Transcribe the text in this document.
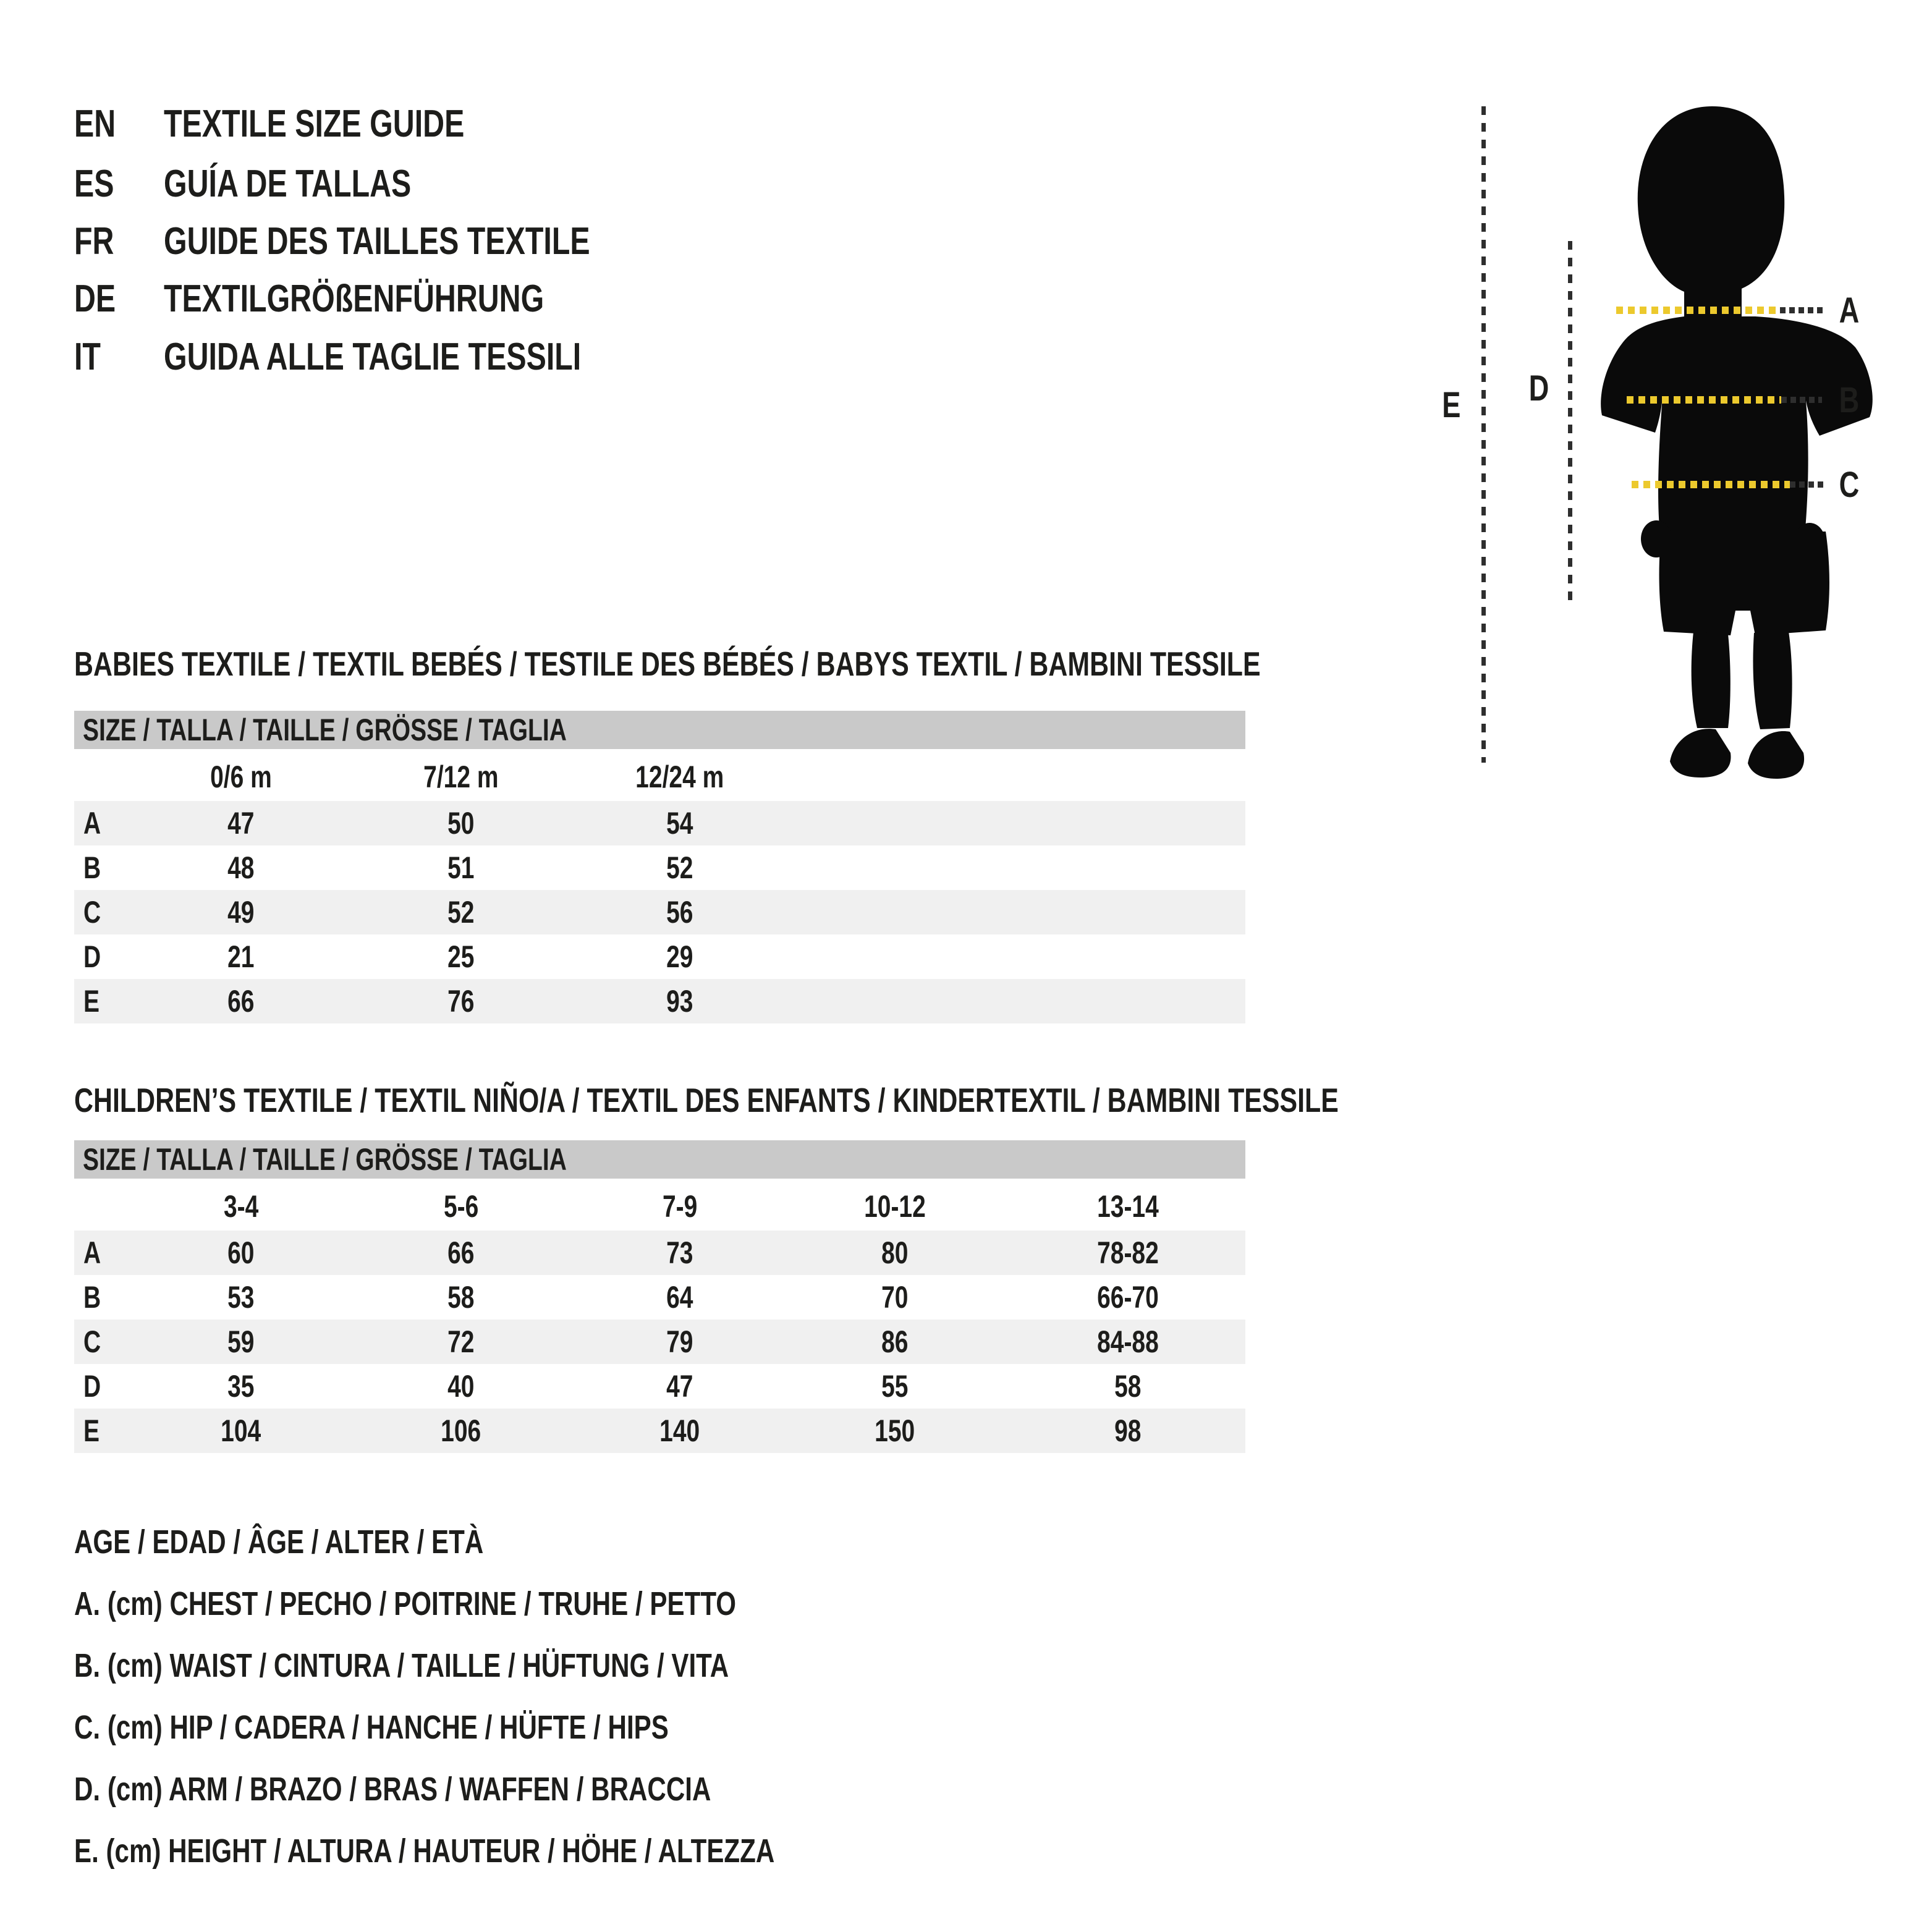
EN	TEXTILE SIZE GUIDE
ES	GUÍA DE TALLAS
FR	GUIDE DES TAILLES TEXTILE
DE	TEXTILGRÖßENFÜHRUNG
IT	GUIDA ALLE TAGLIE TESSILI
E	D
A
B
C
BABIES TEXTILE / TEXTIL BEBÉS / TESTILE DES BÉBÉS / BABYS TEXTIL / BAMBINI TESSILE
SIZE / TALLA / TAILLE / GRÖSSE / TAGLIA
0/6 m	7/12 m	12/24 m
A	47	50	54
B	48	51	52
C	49	52	56
D	21	25	29
E	66	76	93
CHILDREN’S TEXTILE / TEXTIL NIÑO/A / TEXTIL DES ENFANTS / KINDERTEXTIL / BAMBINI TESSILE
SIZE / TALLA / TAILLE / GRÖSSE / TAGLIA
3-4	5-6	7-9	10-12	13-14
A	60	66	73	80	78-82
B	53	58	64	70	66-70
C	59	72	79	86	84-88
D	35	40	47	55	58
E	104	106	140	150	98
AGE / EDAD / ÂGE / ALTER / ETÀ
A. (cm) CHEST / PECHO / POITRINE / TRUHE / PETTO
B. (cm) WAIST / CINTURA / TAILLE / HÜFTUNG / VITA
C. (cm) HIP / CADERA / HANCHE / HÜFTE / HIPS
D. (cm) ARM / BRAZO / BRAS / WAFFEN / BRACCIA
E. (cm) HEIGHT / ALTURA / HAUTEUR / HÖHE / ALTEZZA
